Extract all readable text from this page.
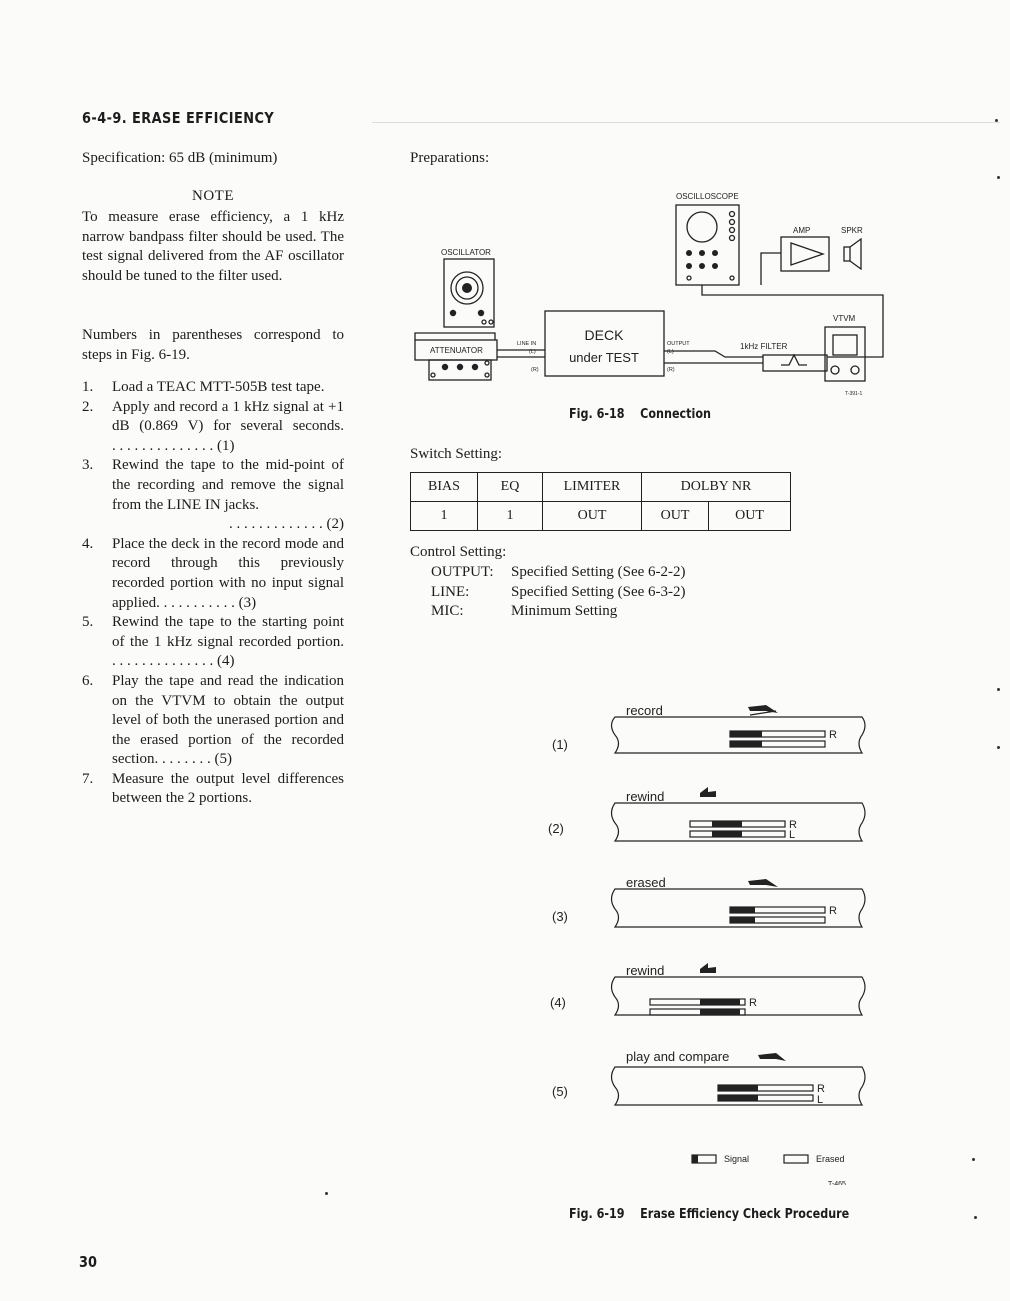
6-4-9. ERASE EFFICIENCY
Specification: 65 dB (minimum)
NOTE
To measure erase efficiency, a 1 kHz narrow bandpass filter should be used. The test signal delivered from the AF oscillator should be tuned to the filter used.
Numbers in parentheses correspond to steps in Fig. 6-19.
1. Load a TEAC MTT-505B test tape.
2. Apply and record a 1 kHz signal at +1 dB (0.869 V) for several seconds. . . . . . . . . . . . . . . (1)
3. Rewind the tape to the mid-point of the recording and remove the signal from the LINE IN jacks.
. . . . . . . . . . . . . (2)
4. Place the deck in the record mode and record through this previously recorded portion with no input signal applied. . . . . . . . . . . (3)
5. Rewind the tape to the starting point of the 1 kHz signal recorded portion. . . . . . . . . . . . . . . (4)
6. Play the tape and read the indication on the VTVM to obtain the output level of both the unerased portion and the erased portion of the recorded section. . . . . . . . (5)
7. Measure the output level differences between the 2 portions.
Preparations:
OSCILLOSCOPE
OSCILLATOR
ATTENUATOR
AMP	SPKR
VTVM
1kHz FILTER
LINE IN
(L)
(R)
OUTPUT
(L)
(R)
T-391-1
DECK
under TEST
Fig. 6-18 Connection
Switch Setting:
BIAS	EQ	LIMITER	DOLBY NR	
1	1	OUT	OUT	OUT
Control Setting:
OUTPUT: Specified Setting (See 6-2-2)
LINE:	Specified Setting (See 6-3-2)
MIC:	Minimum Setting
(1)
record
(2)
rewind
(3)
erased
(4)
rewind
(5)
play and compare
R
R
L
R
R
R
L
Signal	Erased
T-465
Fig. 6-19 Erase Efficiency Check Procedure
30
